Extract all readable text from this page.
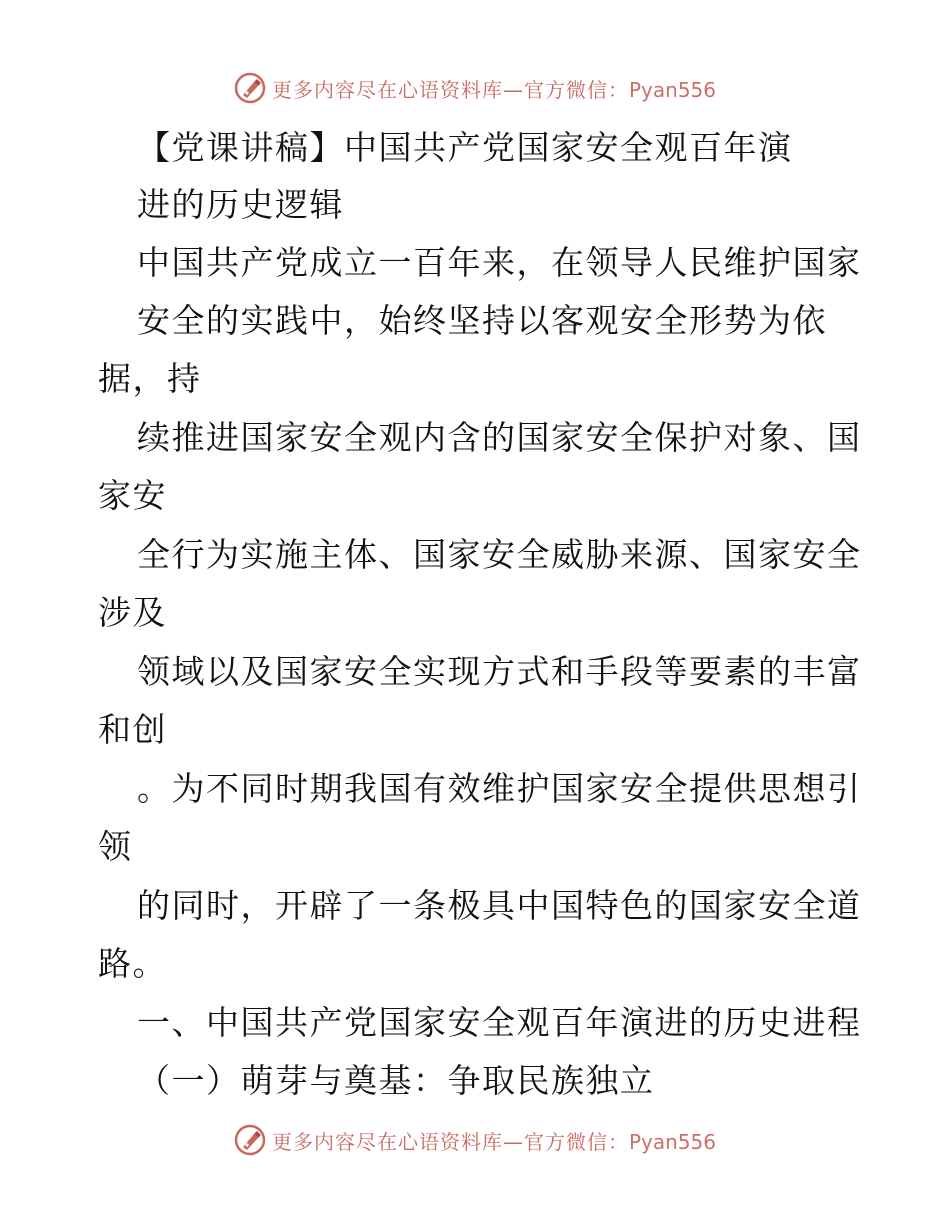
更多内容尽在心语资料库—官方微信：Pyan556
【党课讲稿】中国共产党国家安全观百年演
进的历史逻辑
中国共产党成立一百年来，在领导人民维护国家
安全的实践中，始终坚持以客观安全形势为依
据，持
续推进国家安全观内含的国家安全保护对象、国
家安
全行为实施主体、国家安全威胁来源、国家安全
涉及
领域以及国家安全实现方式和手段等要素的丰富
和创
。为不同时期我国有效维护国家安全提供思想引
领
的同时，开辟了一条极具中国特色的国家安全道
路。
一、中国共产党国家安全观百年演进的历史进程
（一）萌芽与奠基：争取民族独立
更多内容尽在心语资料库—官方微信：Pyan556
